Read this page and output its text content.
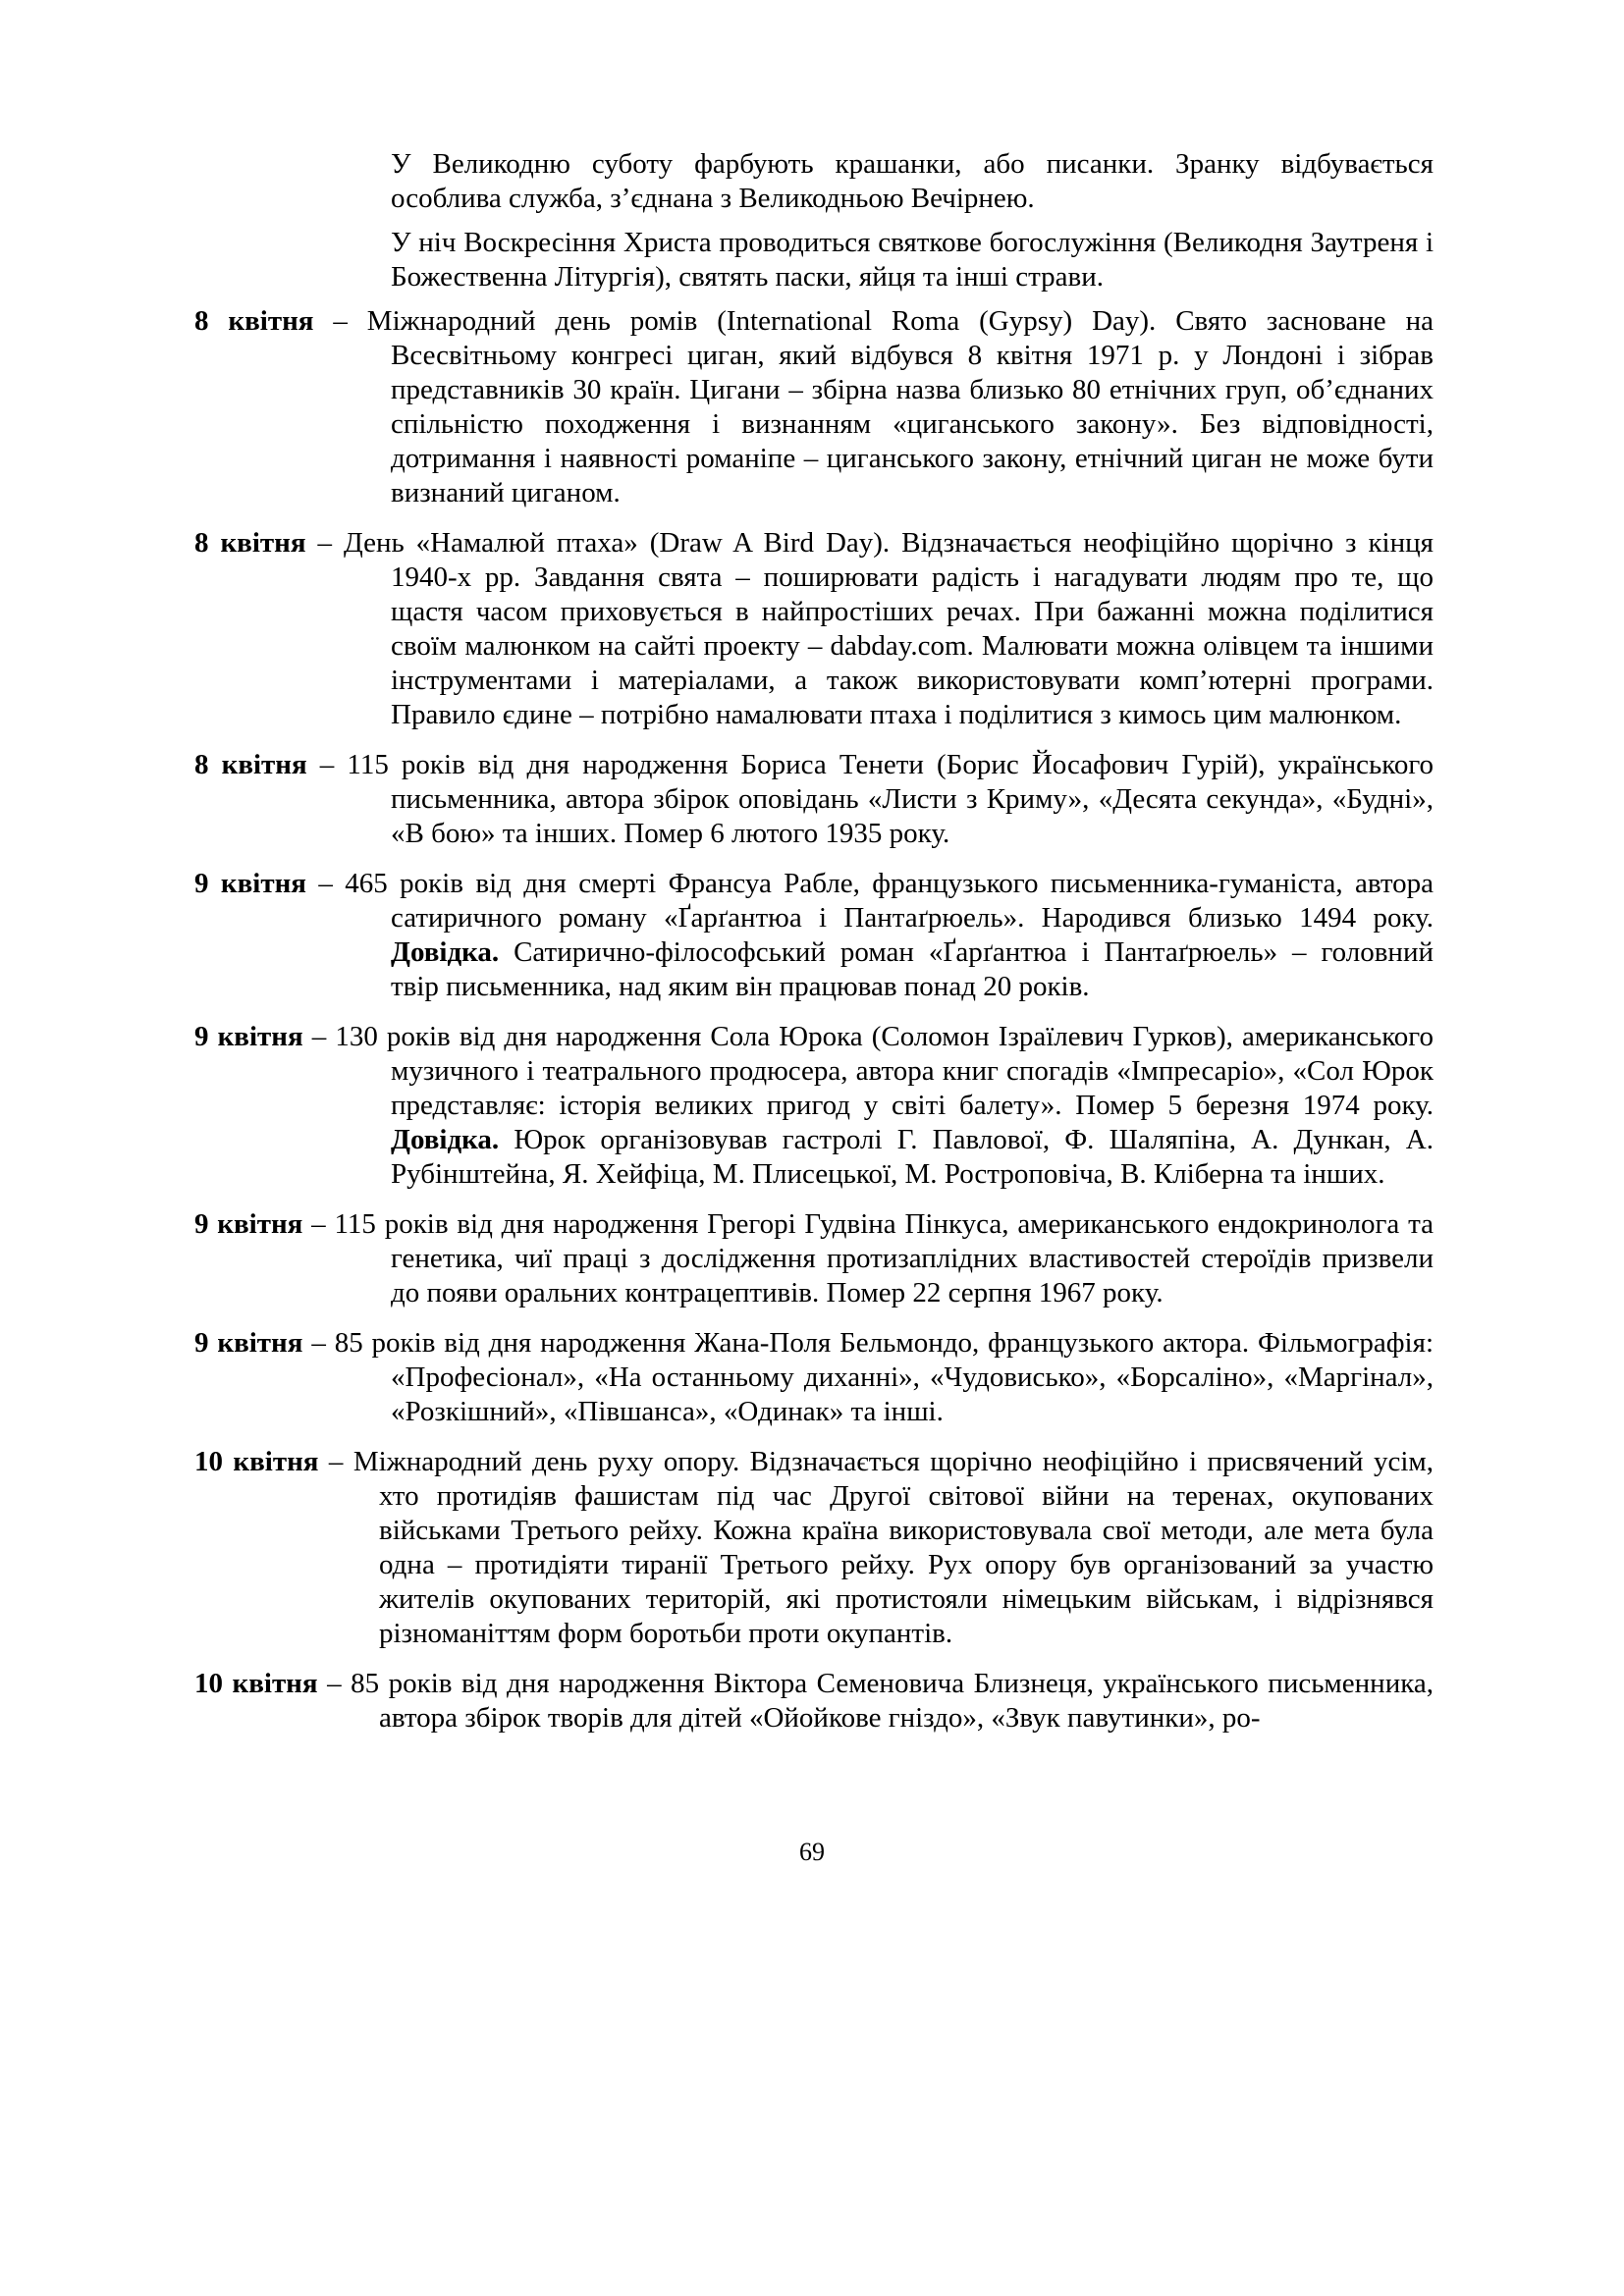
У Великодню суботу фарбують крашанки, або писанки. Зранку відбувається особлива служба, з’єднана з Великодньою Вечірнею.

У ніч Воскресіння Христа проводиться святкове богослужіння (Великодня Заутреня і Божественна Літургія), святять паски, яйця та інші страви.

8 квітня – Міжнародний день ромів (International Roma (Gypsy) Day). Свято засноване на Всесвітньому конгресі циган, який відбувся 8 квітня 1971 р. у Лондоні і зібрав представників 30 країн. Цигани – збірна назва близько 80 етнічних груп, об’єднаних спільністю походження і визнанням «циганського закону». Без відповідності, дотримання і наявності романіпе – циганського закону, етнічний циган не може бути визнаний циганом.

8 квітня – День «Намалюй птаха» (Draw A Bird Day). Відзначається неофіційно щорічно з кінця 1940-х рр. Завдання свята – поширювати радість і нагадувати людям про те, що щастя часом приховується в найпростіших речах. При бажанні можна поділитися своїм малюнком на сайті проекту – dabday.com. Малювати можна олівцем та іншими інструментами і матеріалами, а також використовувати комп’ютерні програми. Правило єдине – потрібно намалювати птаха і поділитися з кимось цим малюнком.

8 квітня – 115 років від дня народження Бориса Тенети (Борис Йосафович Гурій), українського письменника, автора збірок оповідань «Листи з Криму», «Десята секунда», «Будні», «В бою» та інших. Помер 6 лютого 1935 року.

9 квітня – 465 років від дня смерті Франсуа Рабле, французького письменника-гуманіста, автора сатиричного роману «Ґарґантюа і Пантаґрюель». Народився близько 1494 року. Довідка. Сатирично-філософський роман «Ґарґантюа і Пантаґрюель» – головний твір письменника, над яким він працював понад 20 років.

9 квітня – 130 років від дня народження Сола Юрока (Соломон Ізраїлевич Гурков), американського музичного і театрального продюсера, автора книг спогадів «Імпресаріо», «Сол Юрок представляє: історія великих пригод у світі балету». Помер 5 березня 1974 року. Довідка. Юрок організовував гастролі Г. Павлової, Ф. Шаляпіна, А. Дункан, А. Рубінштейна, Я. Хейфіца, М. Плисецької, М. Ростроповіча, В. Кліберна та інших.

9 квітня – 115 років від дня народження Грегорі Гудвіна Пінкуса, американського ендокринолога та генетика, чиї праці з дослідження протизаплідних властивостей стероїдів призвели до появи оральних контрацептивів. Помер 22 серпня 1967 року.

9 квітня – 85 років від дня народження Жана-Поля Бельмондо, французького актора. Фільмографія: «Професіонал», «На останньому диханні», «Чудовисько», «Борсаліно», «Маргінал», «Розкішний», «Півшанса», «Одинак» та інші.

10 квітня – Міжнародний день руху опору. Відзначається щорічно неофіційно і присвячений усім, хто протидіяв фашистам під час Другої світової війни на теренах, окупованих військами Третього рейху. Кожна країна використовувала свої методи, але мета була одна – протидіяти тиранії Третього рейху. Рух опору був організований за участю жителів окупованих територій, які протистояли німецьким військам, і відрізнявся різноманіттям форм боротьби проти окупантів.

10 квітня – 85 років від дня народження Віктора Семеновича Близнеця, українського письменника, автора збірок творів для дітей «Ойойкове гніздо», «Звук павутинки», ро-

69
